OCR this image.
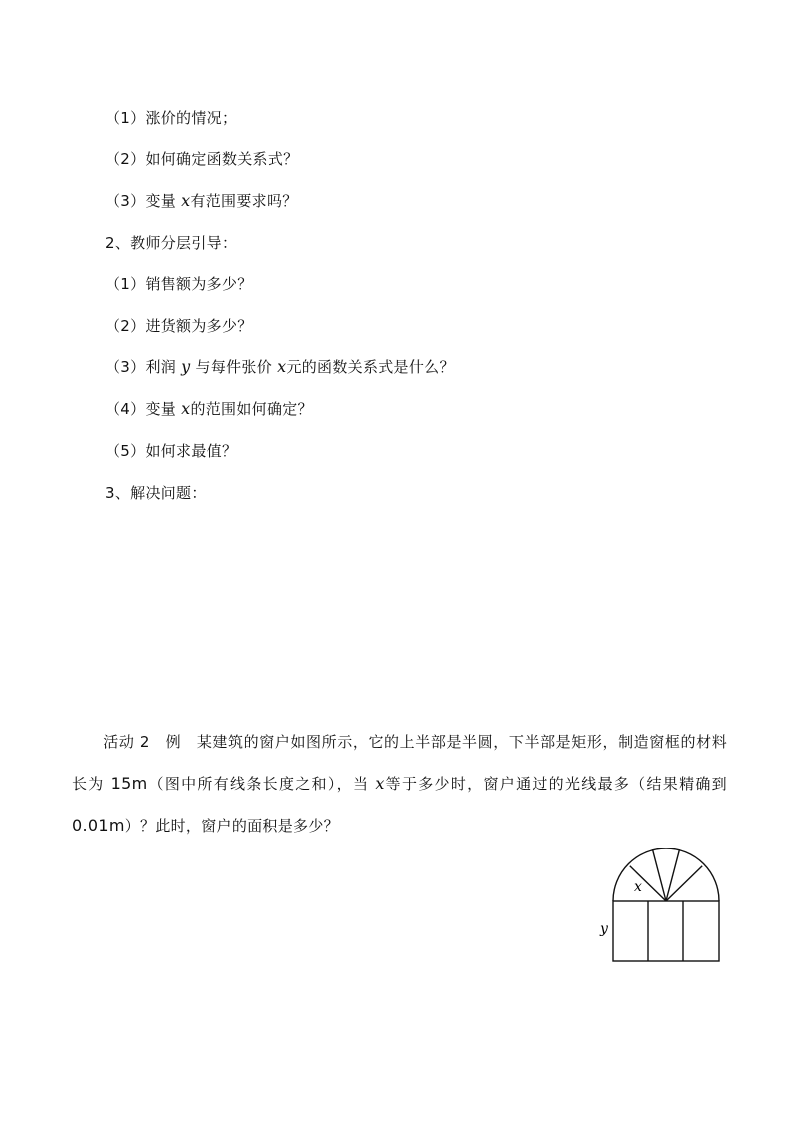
（1）涨价的情况；
（2）如何确定函数关系式？
（3）变量 x有范围要求吗？
2、教师分层引导：
（1）销售额为多少？
（2）进货额为多少？
（3）利润 y 与每件张价 x元的函数关系式是什么？
（4）变量 x的范围如何确定？
（5）如何求最值？
3、解决问题：
活动 2　例　某建筑的窗户如图所示，它的上半部是半圆，下半部是矩形，制造窗框的材料长为 15m（图中所有线条长度之和），当 x等于多少时，窗户通过的光线最多（结果精确到 0.01m）？此时，窗户的面积是多少？
x
y
